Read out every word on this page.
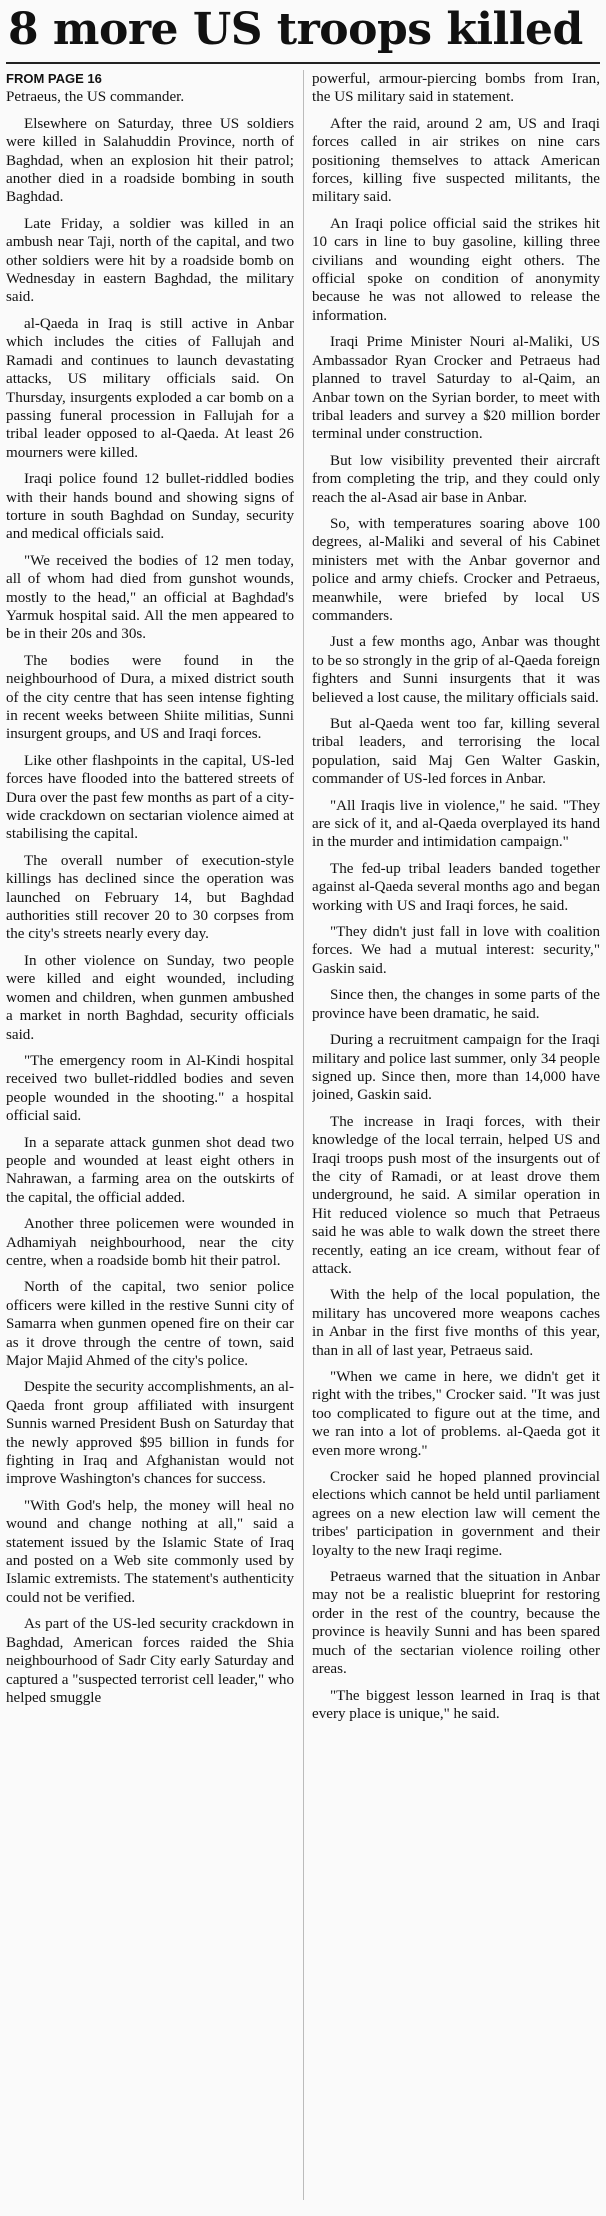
8 more US troops killed
FROM PAGE 16

Petraeus, the US commander.

Elsewhere on Saturday, three US soldiers were killed in Salahuddin Province, north of Baghdad, when an explosion hit their patrol; another died in a roadside bombing in south Baghdad.

Late Friday, a soldier was killed in an ambush near Taji, north of the capital, and two other soldiers were hit by a roadside bomb on Wednesday in eastern Baghdad, the military said.

al-Qaeda in Iraq is still active in Anbar which includes the cities of Fallujah and Ramadi and continues to launch devastating attacks, US military officials said. On Thursday, insurgents exploded a car bomb on a passing funeral procession in Fallujah for a tribal leader opposed to al-Qaeda. At least 26 mourners were killed.

Iraqi police found 12 bullet-riddled bodies with their hands bound and showing signs of torture in south Baghdad on Sunday, security and medical officials said.

"We received the bodies of 12 men today, all of whom had died from gunshot wounds, mostly to the head," an official at Baghdad's Yarmuk hospital said. All the men appeared to be in their 20s and 30s.

The bodies were found in the neighbourhood of Dura, a mixed district south of the city centre that has seen intense fighting in recent weeks between Shiite militias, Sunni insurgent groups, and US and Iraqi forces.

Like other flashpoints in the capital, US-led forces have flooded into the battered streets of Dura over the past few months as part of a city-wide crackdown on sectarian violence aimed at stabilising the capital.

The overall number of execution-style killings has declined since the operation was launched on February 14, but Baghdad authorities still recover 20 to 30 corpses from the city's streets nearly every day.

In other violence on Sunday, two people were killed and eight wounded, including women and children, when gunmen ambushed a market in north Baghdad, security officials said.

"The emergency room in Al-Kindi hospital received two bullet-riddled bodies and seven people wounded in the shooting." a hospital official said.

In a separate attack gunmen shot dead two people and wounded at least eight others in Nahrawan, a farming area on the outskirts of the capital, the official added.

Another three policemen were wounded in Adhamiyah neighbourhood, near the city centre, when a roadside bomb hit their patrol.

North of the capital, two senior police officers were killed in the restive Sunni city of Samarra when gunmen opened fire on their car as it drove through the centre of town, said Major Majid Ahmed of the city's police.

Despite the security accomplishments, an al-Qaeda front group affiliated with insurgent Sunnis warned President Bush on Saturday that the newly approved $95 billion in funds for fighting in Iraq and Afghanistan would not improve Washington's chances for success.

"With God's help, the money will heal no wound and change nothing at all," said a statement issued by the Islamic State of Iraq and posted on a Web site commonly used by Islamic extremists. The statement's authenticity could not be verified.

As part of the US-led security crackdown in Baghdad, American forces raided the Shia neighbourhood of Sadr City early Saturday and captured a "suspected terrorist cell leader," who helped smuggle

powerful, armour-piercing bombs from Iran, the US military said in statement.

After the raid, around 2 am, US and Iraqi forces called in air strikes on nine cars positioning themselves to attack American forces, killing five suspected militants, the military said.

An Iraqi police official said the strikes hit 10 cars in line to buy gasoline, killing three civilians and wounding eight others. The official spoke on condition of anonymity because he was not allowed to release the information.

Iraqi Prime Minister Nouri al-Maliki, US Ambassador Ryan Crocker and Petraeus had planned to travel Saturday to al-Qaim, an Anbar town on the Syrian border, to meet with tribal leaders and survey a $20 million border terminal under construction.

But low visibility prevented their aircraft from completing the trip, and they could only reach the al-Asad air base in Anbar.

So, with temperatures soaring above 100 degrees, al-Maliki and several of his Cabinet ministers met with the Anbar governor and police and army chiefs. Crocker and Petraeus, meanwhile, were briefed by local US commanders.

Just a few months ago, Anbar was thought to be so strongly in the grip of al-Qaeda foreign fighters and Sunni insurgents that it was believed a lost cause, the military officials said.

But al-Qaeda went too far, killing several tribal leaders, and terrorising the local population, said Maj Gen Walter Gaskin, commander of US-led forces in Anbar.

"All Iraqis live in violence," he said. "They are sick of it, and al-Qaeda overplayed its hand in the murder and intimidation campaign."

The fed-up tribal leaders banded together against al-Qaeda several months ago and began working with US and Iraqi forces, he said.

"They didn't just fall in love with coalition forces. We had a mutual interest: security," Gaskin said.

Since then, the changes in some parts of the province have been dramatic, he said.

During a recruitment campaign for the Iraqi military and police last summer, only 34 people signed up. Since then, more than 14,000 have joined, Gaskin said.

The increase in Iraqi forces, with their knowledge of the local terrain, helped US and Iraqi troops push most of the insurgents out of the city of Ramadi, or at least drove them underground, he said. A similar operation in Hit reduced violence so much that Petraeus said he was able to walk down the street there recently, eating an ice cream, without fear of attack.

With the help of the local population, the military has uncovered more weapons caches in Anbar in the first five months of this year, than in all of last year, Petraeus said.

"When we came in here, we didn't get it right with the tribes," Crocker said. "It was just too complicated to figure out at the time, and we ran into a lot of problems. al-Qaeda got it even more wrong."

Crocker said he hoped planned provincial elections which cannot be held until parliament agrees on a new election law will cement the tribes' participation in government and their loyalty to the new Iraqi regime.

Petraeus warned that the situation in Anbar may not be a realistic blueprint for restoring order in the rest of the country, because the province is heavily Sunni and has been spared much of the sectarian violence roiling other areas.

"The biggest lesson learned in Iraq is that every place is unique," he said.
